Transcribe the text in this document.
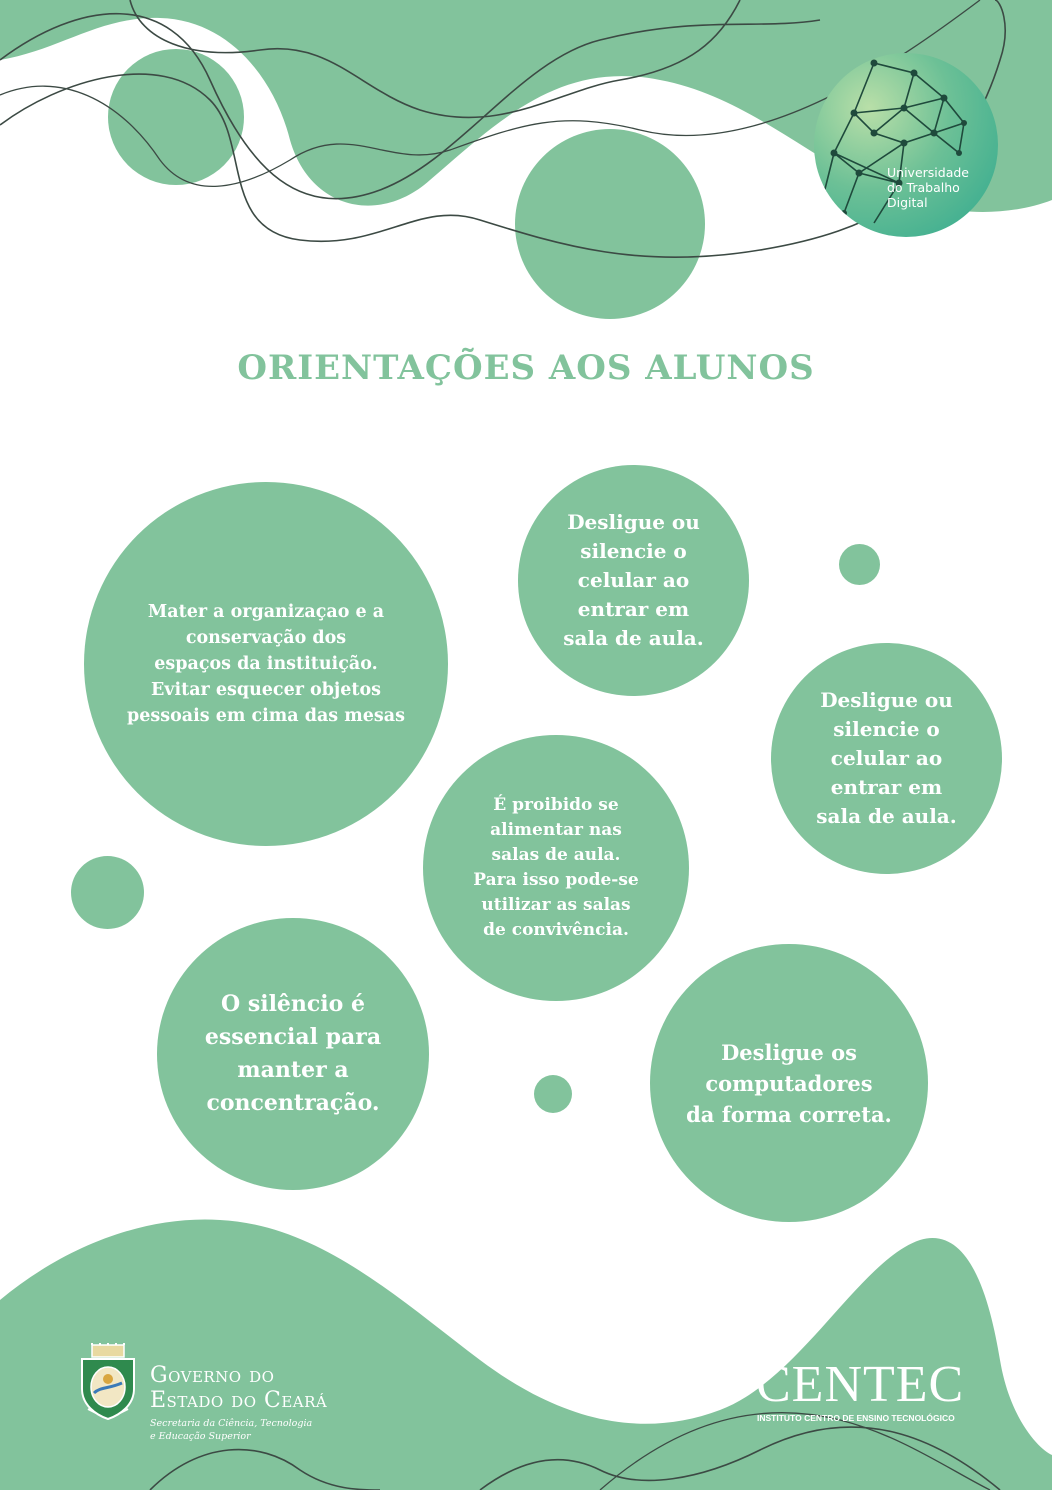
Universidade
do Trabalho
Digital
ORIENTAÇÕES AOS ALUNOS
Mater a organizaçao e a
conservação dos
espaços da instituição.
Evitar esquecer objetos
pessoais em cima das mesas
Desligue ou
silencie o
celular ao
entrar em
sala de aula.
Desligue ou
silencie o
celular ao
entrar em
sala de aula.
É proibido se
alimentar nas
salas de aula.
Para isso pode-se
utilizar as salas
de convivência.
O silêncio é
essencial para
manter a
concentração.
Desligue os
computadores
da forma correta.
Governo do
Estado do Ceará
Secretaria da Ciência, Tecnologia
e Educação Superior
CENTEC
INSTITUTO CENTRO DE ENSINO TECNOLÓGICO
